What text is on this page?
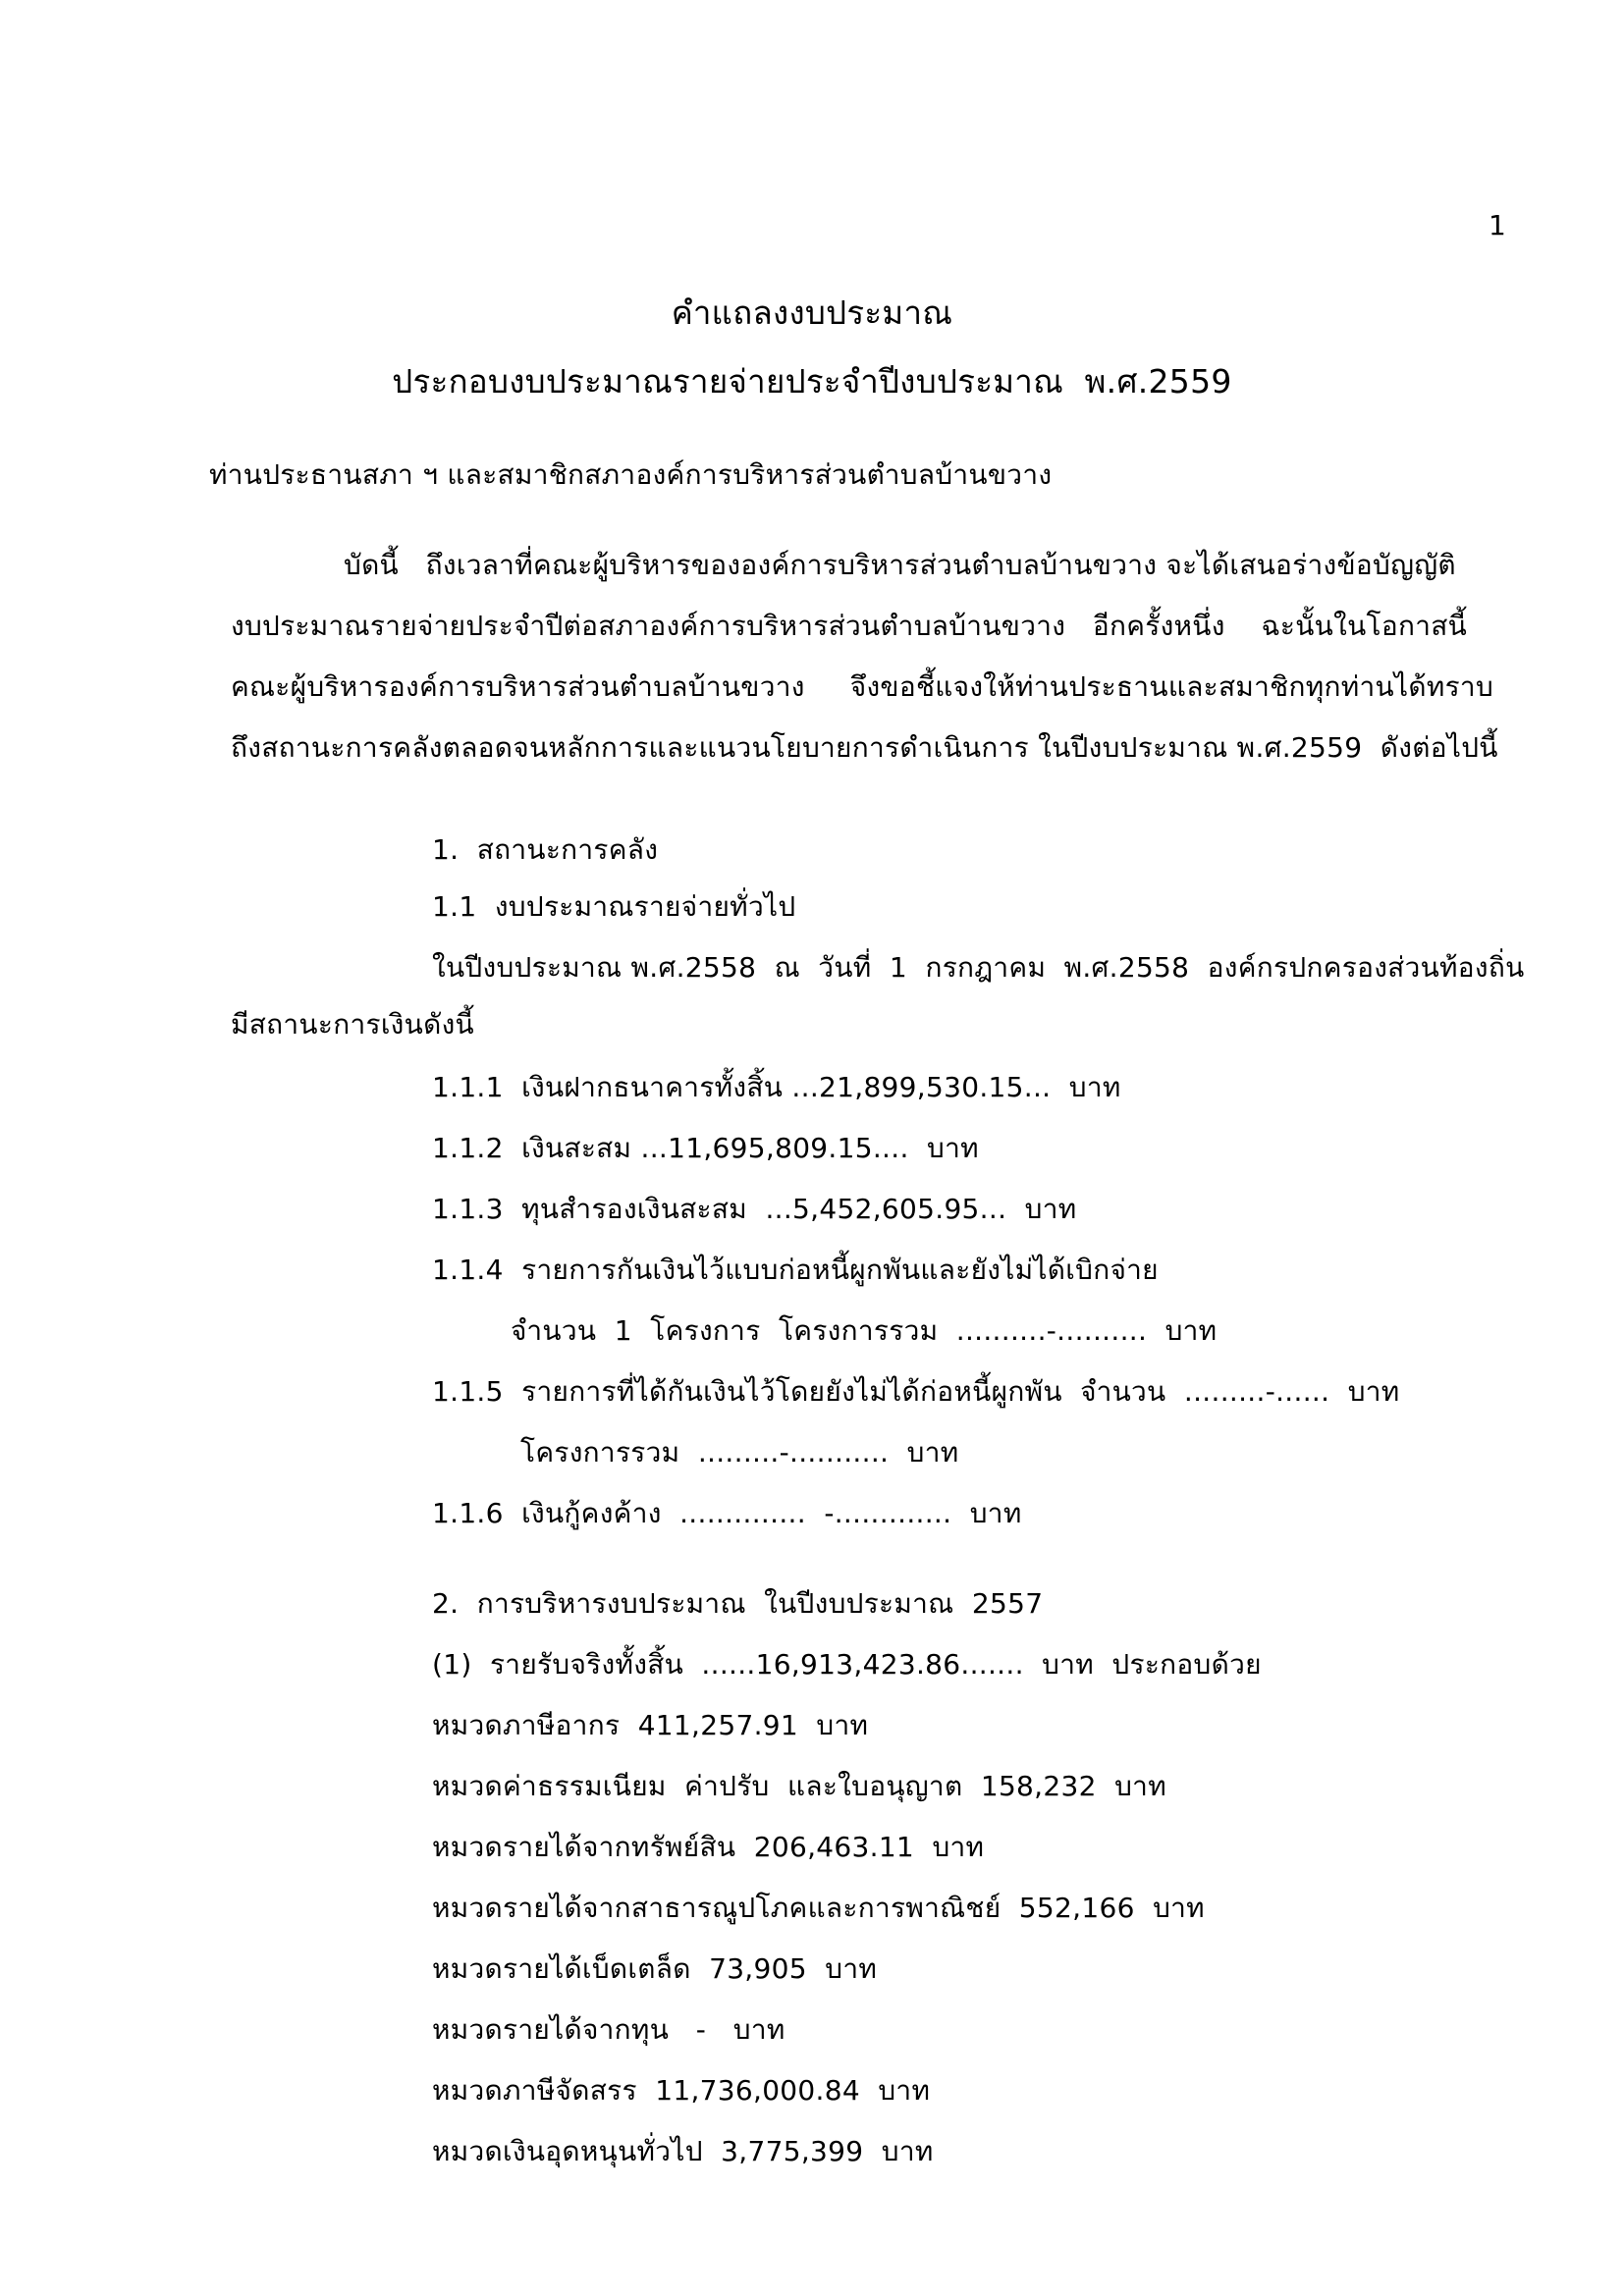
1
คำแถลงงบประมาณ
ประกอบงบประมาณรายจ่ายประจำปีงบประมาณ  พ.ศ.2559
ท่านประธานสภา ฯ และสมาชิกสภาองค์การบริหารส่วนตำบลบ้านขวาง
บัดนี้   ถึงเวลาที่คณะผู้บริหารขององค์การบริหารส่วนตำบลบ้านขวาง จะได้เสนอร่างข้อบัญญัติ
งบประมาณรายจ่ายประจำปีต่อสภาองค์การบริหารส่วนตำบลบ้านขวาง   อีกครั้งหนึ่ง    ฉะนั้นในโอกาสนี้
คณะผู้บริหารองค์การบริหารส่วนตำบลบ้านขวาง     จึงขอชี้แจงให้ท่านประธานและสมาชิกทุกท่านได้ทราบ
ถึงสถานะการคลังตลอดจนหลักการและแนวนโยบายการดำเนินการ ในปีงบประมาณ พ.ศ.2559  ดังต่อไปนี้
1.  สถานะการคลัง
1.1  งบประมาณรายจ่ายทั่วไป
ในปีงบประมาณ พ.ศ.2558  ณ  วันที่  1  กรกฎาคม  พ.ศ.2558  องค์กรปกครองส่วนท้องถิ่น
มีสถานะการเงินดังนี้
1.1.1  เงินฝากธนาคารทั้งสิ้น ...21,899,530.15...  บาท
1.1.2  เงินสะสม ...11,695,809.15....  บาท
1.1.3  ทุนสำรองเงินสะสม  ...5,452,605.95...  บาท
1.1.4  รายการกันเงินไว้แบบก่อหนี้ผูกพันและยังไม่ได้เบิกจ่าย
จำนวน  1  โครงการ  โครงการรวม  ..........-..........  บาท
1.1.5  รายการที่ได้กันเงินไว้โดยยังไม่ได้ก่อหนี้ผูกพัน  จำนวน  .........-......  บาท
โครงการรวม  .........-...........  บาท
1.1.6  เงินกู้คงค้าง  ..............  -.............  บาท
2.  การบริหารงบประมาณ  ในปีงบประมาณ  2557
(1)  รายรับจริงทั้งสิ้น  ......16,913,423.86.......  บาท  ประกอบด้วย
หมวดภาษีอากร  411,257.91  บาท
หมวดค่าธรรมเนียม  ค่าปรับ  และใบอนุญาต  158,232  บาท
หมวดรายได้จากทรัพย์สิน  206,463.11  บาท
หมวดรายได้จากสาธารณูปโภคและการพาณิชย์  552,166  บาท
หมวดรายได้เบ็ดเตล็ด  73,905  บาท
หมวดรายได้จากทุน   -   บาท
หมวดภาษีจัดสรร  11,736,000.84  บาท
หมวดเงินอุดหนุนทั่วไป  3,775,399  บาท
